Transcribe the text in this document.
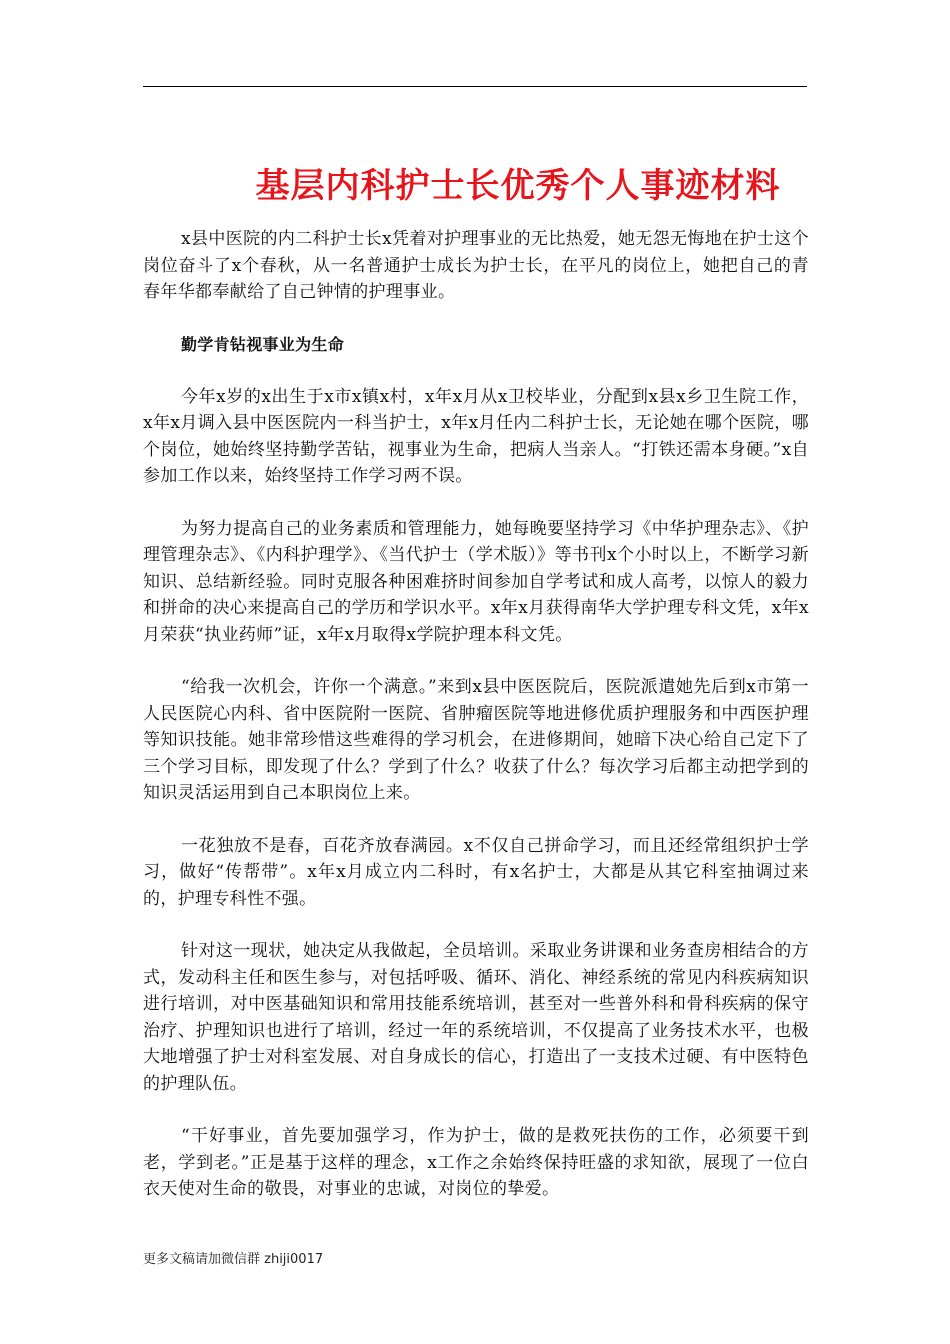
基层内科护士长优秀个人事迹材料

x县中医院的内二科护士长x凭着对护理事业的无比热爱，她无怨无悔地在护士这个岗位奋斗了x个春秋，从一名普通护士成长为护士长，在平凡的岗位上，她把自己的青春年华都奉献给了自己钟情的护理事业。

勤学肯钻视事业为生命

今年x岁的x出生于x市x镇x村，x年x月从x卫校毕业，分配到x县x乡卫生院工作，x年x月调入县中医医院内一科当护士，x年x月任内二科护士长，无论她在哪个医院，哪个岗位，她始终坚持勤学苦钻，视事业为生命，把病人当亲人。“打铁还需本身硬。”x自参加工作以来，始终坚持工作学习两不误。

为努力提高自己的业务素质和管理能力，她每晚要坚持学习《中华护理杂志》、《护理管理杂志》、《内科护理学》、《当代护士（学术版）》等书刊x个小时以上，不断学习新知识、总结新经验。同时克服各种困难挤时间参加自学考试和成人高考，以惊人的毅力和拼命的决心来提高自己的学历和学识水平。x年x月获得南华大学护理专科文凭，x年x月荣获“执业药师”证，x年x月取得x学院护理本科文凭。

“给我一次机会，许你一个满意。”来到x县中医医院后，医院派遣她先后到x市第一人民医院心内科、省中医院附一医院、省肿瘤医院等地进修优质护理服务和中西医护理等知识技能。她非常珍惜这些难得的学习机会，在进修期间，她暗下决心给自己定下了三个学习目标，即发现了什么？学到了什么？收获了什么？每次学习后都主动把学到的知识灵活运用到自己本职岗位上来。

一花独放不是春，百花齐放春满园。x不仅自己拼命学习，而且还经常组织护士学习，做好“传帮带”。x年x月成立内二科时，有x名护士，大都是从其它科室抽调过来的，护理专科性不强。

针对这一现状，她决定从我做起，全员培训。采取业务讲课和业务查房相结合的方式，发动科主任和医生参与，对包括呼吸、循环、消化、神经系统的常见内科疾病知识进行培训，对中医基础知识和常用技能系统培训，甚至对一些普外科和骨科疾病的保守治疗、护理知识也进行了培训，经过一年的系统培训，不仅提高了业务技术水平，也极大地增强了护士对科室发展、对自身成长的信心，打造出了一支技术过硬、有中医特色的护理队伍。

“干好事业，首先要加强学习，作为护士，做的是救死扶伤的工作，必须要干到老，学到老。”正是基于这样的理念，x工作之余始终保持旺盛的求知欲，展现了一位白衣天使对生命的敬畏，对事业的忠诚，对岗位的挚爱。

更多文稿请加微信群 zhiji0017
